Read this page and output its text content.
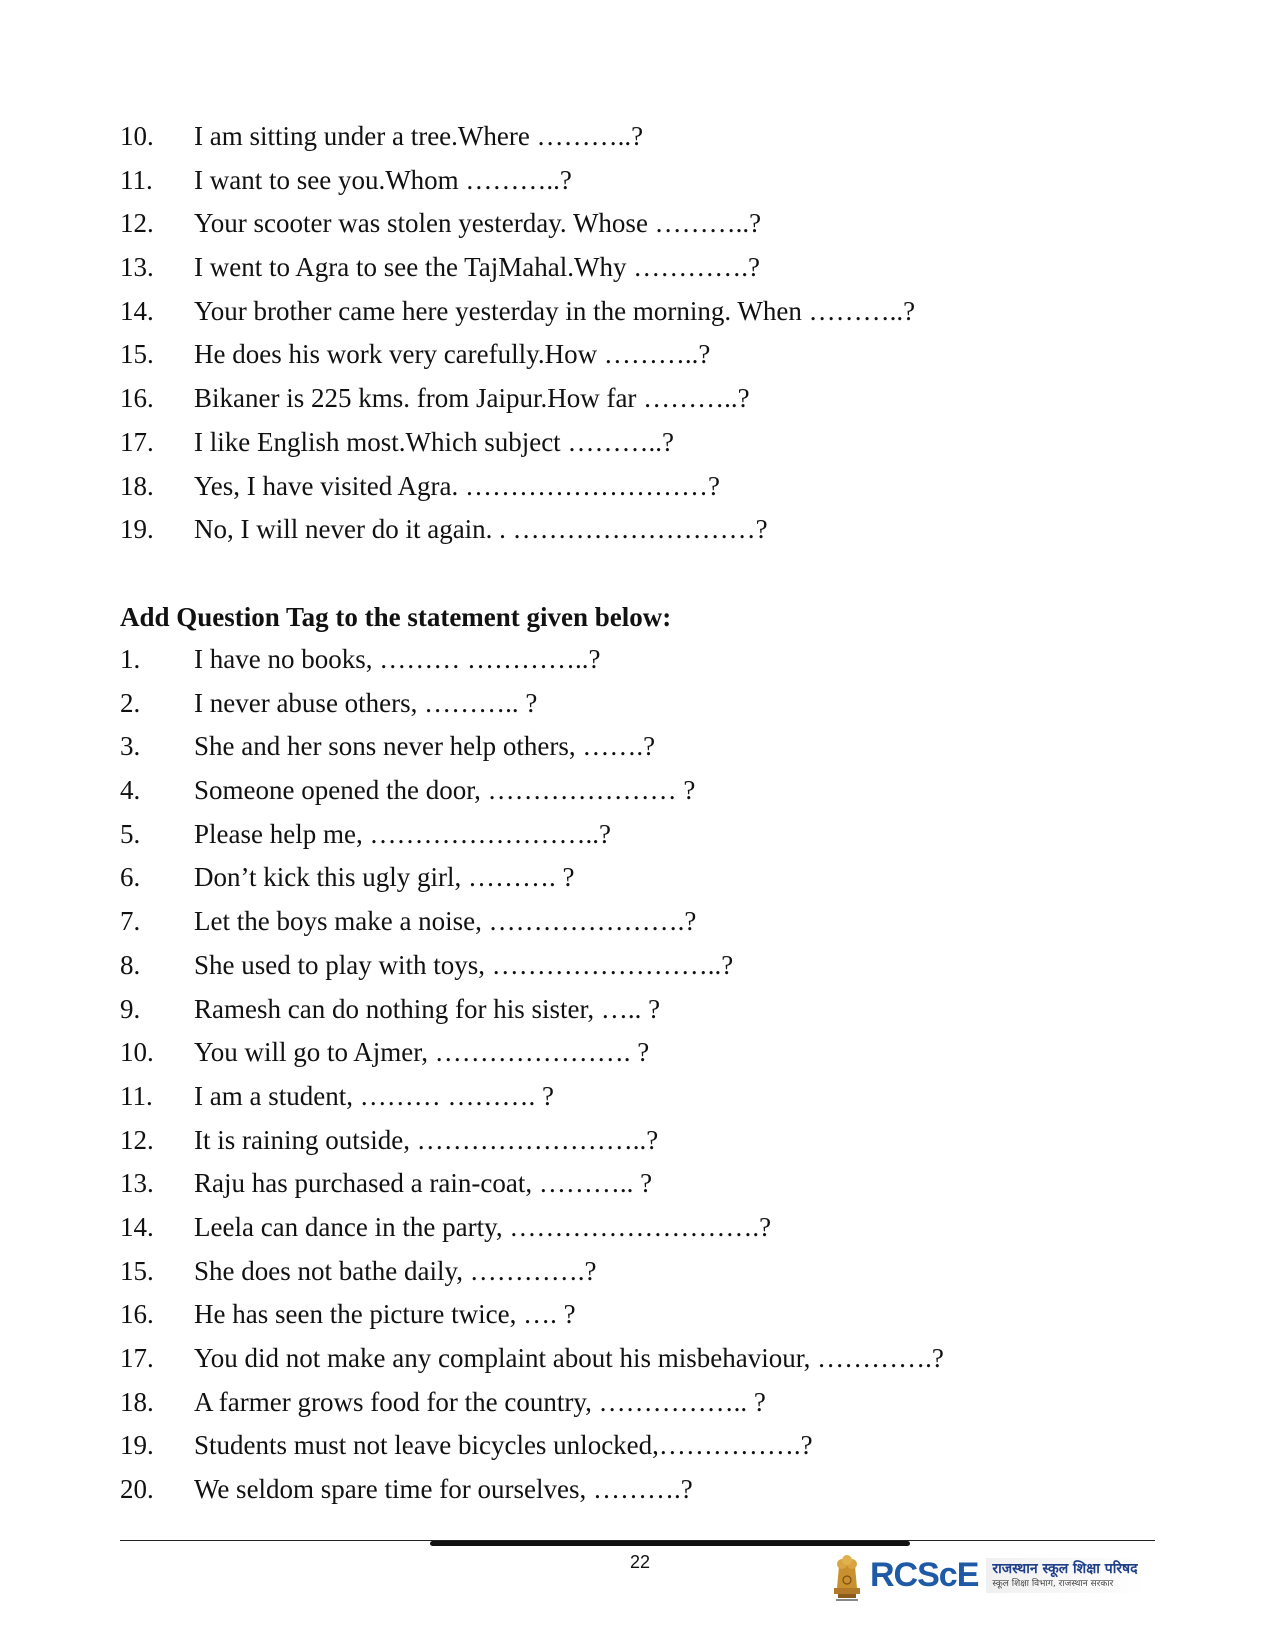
10.	I am sitting under a tree.Where ………..?
11.	I want to see you.Whom ………..?
12.	Your scooter was stolen yesterday. Whose ………..?
13.	I went to Agra to see the TajMahal.Why ………….?
14.	Your brother came here yesterday in the morning. When ………..?
15.	He does his work very carefully.How ………..?
16.	Bikaner is 225 kms. from Jaipur.How far ………..?
17.	I like English most.Which subject ………..?
18.	Yes, I have visited Agra. ………………………?
19.	No, I will never do it again. . ………………………?
Add Question Tag to the statement given below:
1.	I have no books, ……… …………..?
2.	I never abuse others, ……….. ?
3.	She and her sons never help others, …….?
4.	Someone opened the door, ………………… ?
5.	Please help me, ……………………..?
6.	Don’t kick this ugly girl, ………. ?
7.	Let the boys make a noise, ………………….?
8.	She used to play with toys, ……………………..?
9.	Ramesh can do nothing for his sister, ….. ?
10.	You will go to Ajmer, …………………. ?
11.	I am a student, ……… ………. ?
12.	It is raining outside, ……………………..?
13.	Raju has purchased a rain-coat, ……….. ?
14.	Leela can dance in the party, ……………………….?
15.	She does not bathe daily, ………….?
16.	He has seen the picture twice, …. ?
17.	You did not make any complaint about his misbehaviour, ………….?
18.	A farmer grows food for the country, …………….. ?
19.	Students must not leave bicycles unlocked,…………….?
20.	We seldom spare time for ourselves, ……….?
22	RCScE राजस्थान स्कूल शिक्षा परिषद
स्कूल शिक्षा विभाग, राजस्थान सरकार
